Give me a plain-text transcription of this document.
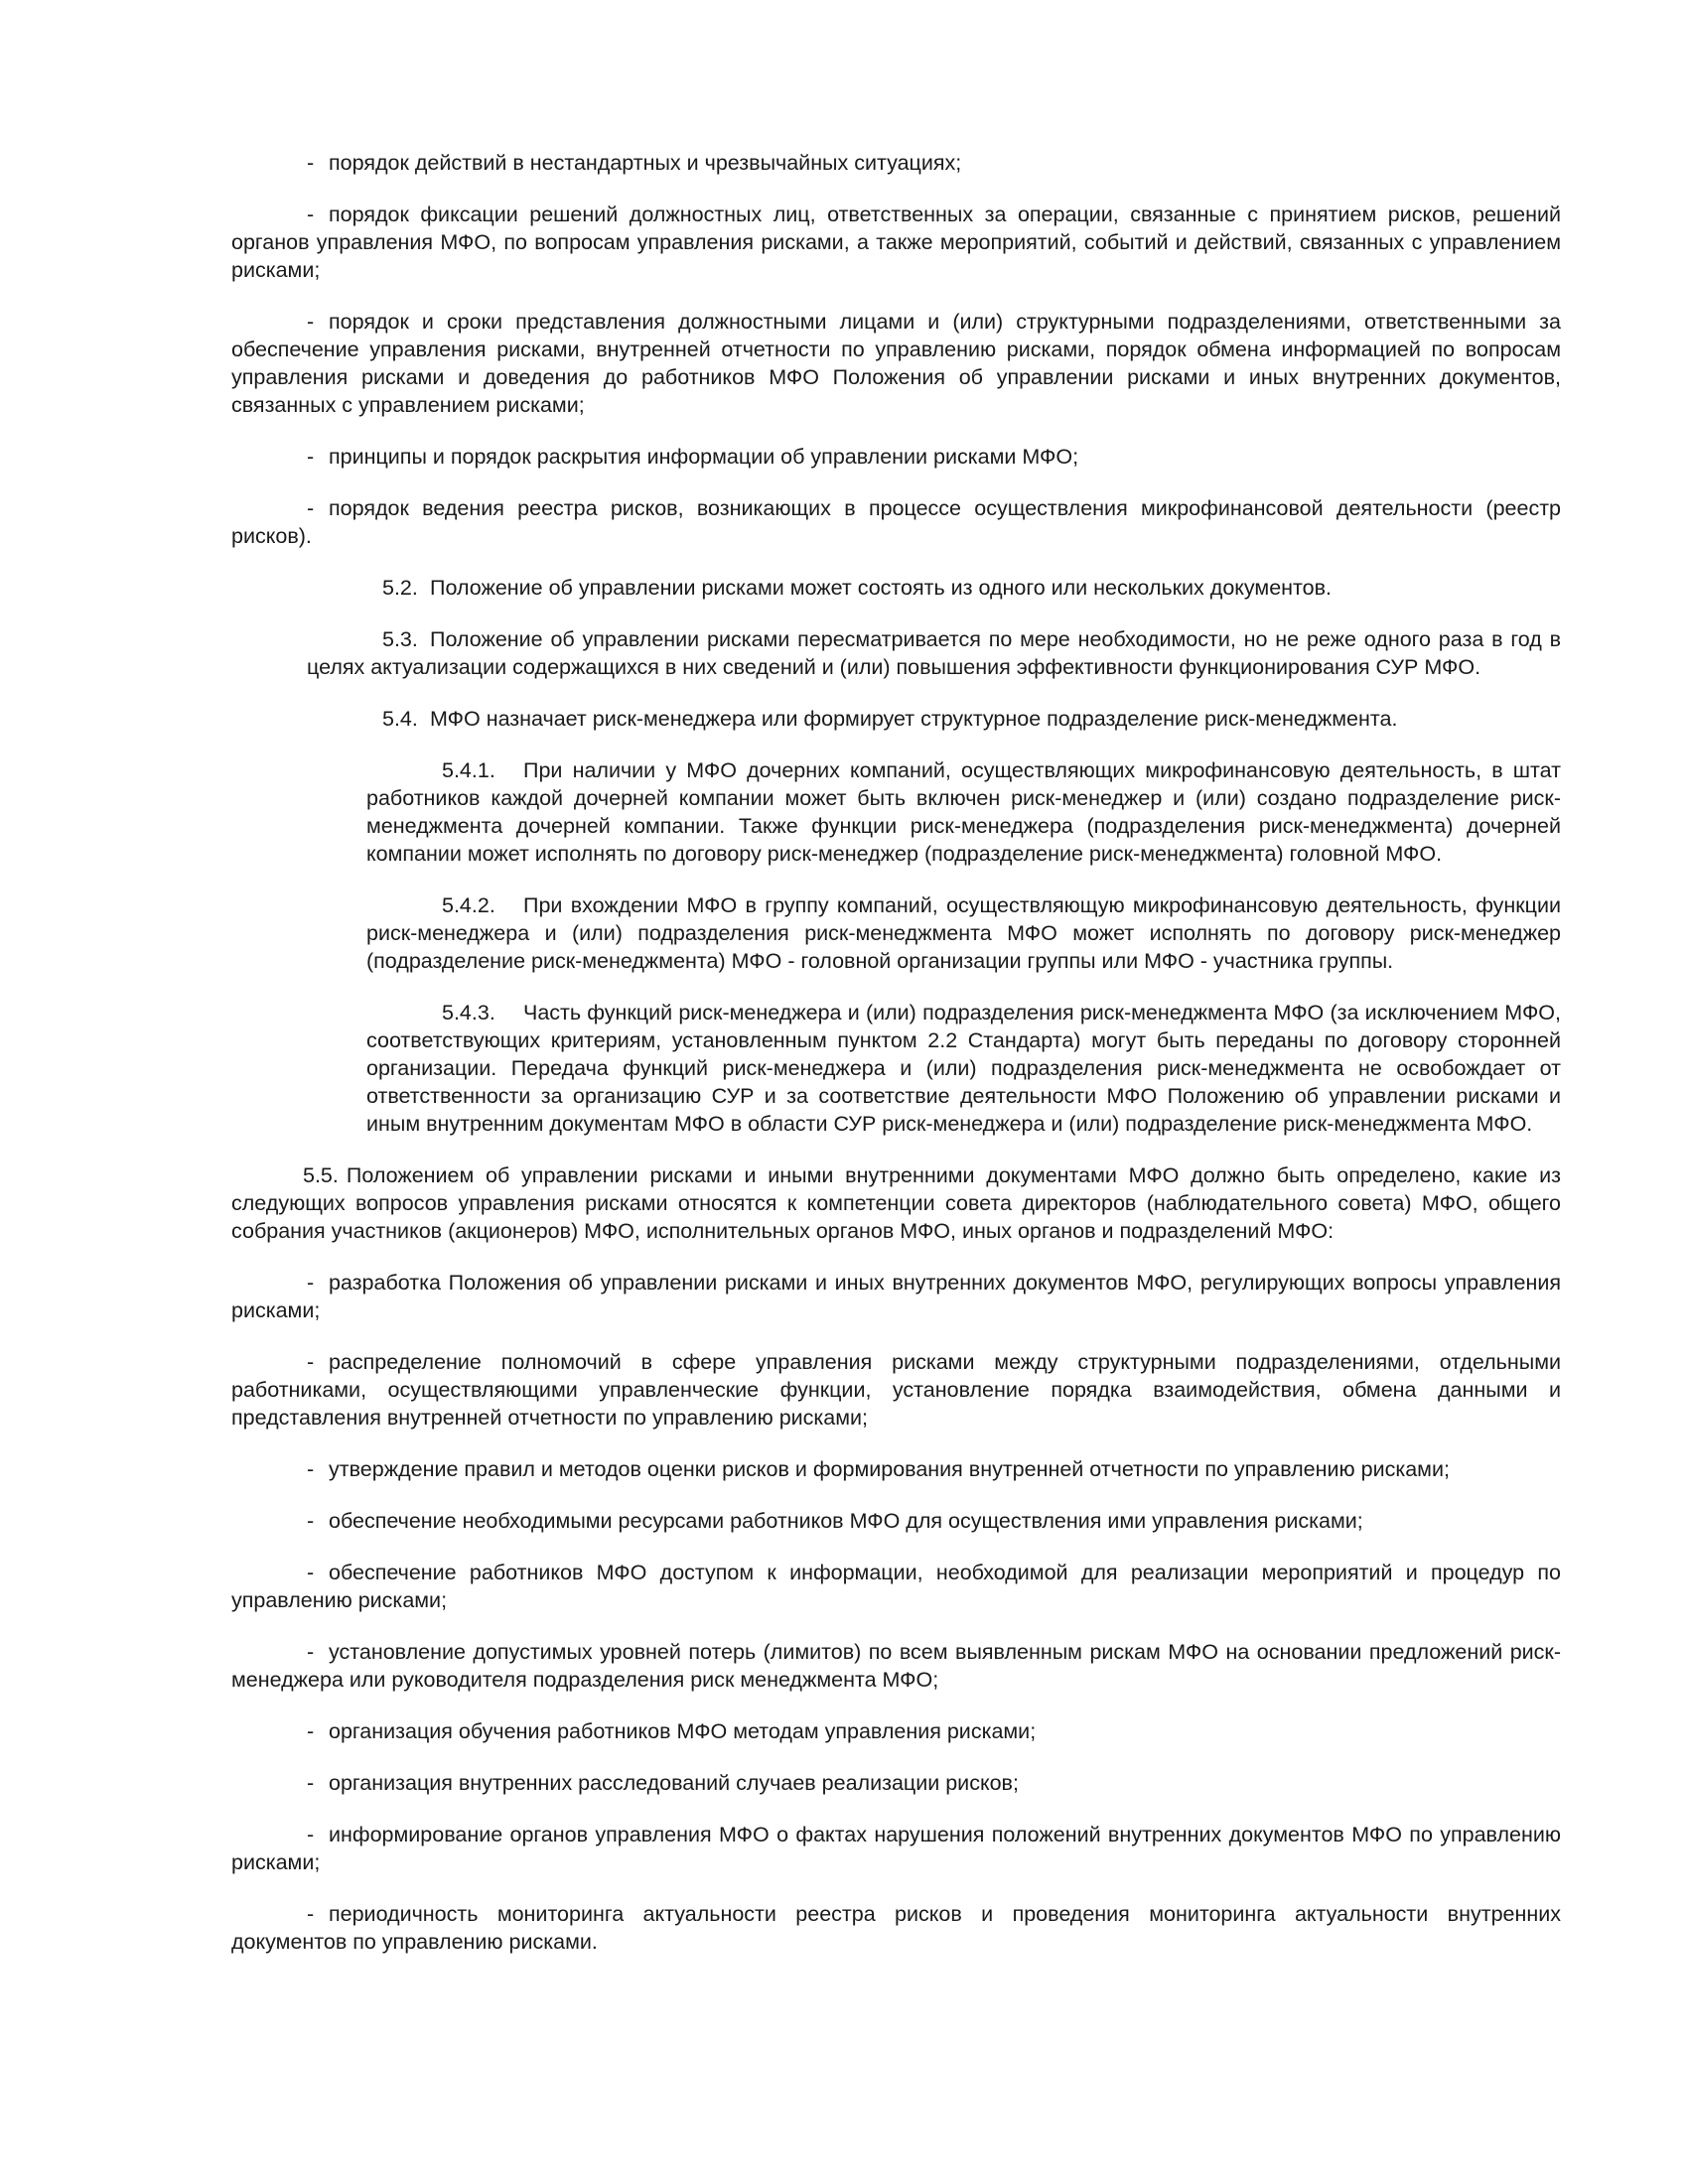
- порядок действий в нестандартных и чрезвычайных ситуациях;

- порядок фиксации решений должностных лиц, ответственных за операции, связанные с принятием рисков, решений органов управления МФО, по вопросам управления рисками, а также мероприятий, событий и действий, связанных с управлением рисками;

- порядок и сроки представления должностными лицами и (или) структурными подразделениями, ответственными за обеспечение управления рисками, внутренней отчетности по управлению рисками, порядок обмена информацией по вопросам управления рисками и доведения до работников МФО Положения об управлении рисками и иных внутренних документов, связанных с управлением рисками;

- принципы и порядок раскрытия информации об управлении рисками МФО;

- порядок ведения реестра рисков, возникающих в процессе осуществления микрофинансовой деятельности (реестр рисков).

5.2. Положение об управлении рисками может состоять из одного или нескольких документов.

5.3. Положение об управлении рисками пересматривается по мере необходимости, но не реже одного раза в год в целях актуализации содержащихся в них сведений и (или) повышения эффективности функционирования СУР МФО.

5.4. МФО назначает риск-менеджера или формирует структурное подразделение риск-менеджмента.

5.4.1. При наличии у МФО дочерних компаний, осуществляющих микрофинансовую деятельность, в штат работников каждой дочерней компании может быть включен риск-менеджер и (или) создано подразделение риск-менеджмента дочерней компании. Также функции риск-менеджера (подразделения риск-менеджмента) дочерней компании может исполнять по договору риск-менеджер (подразделение риск-менеджмента) головной МФО.

5.4.2. При вхождении МФО в группу компаний, осуществляющую микрофинансовую деятельность, функции риск-менеджера и (или) подразделения риск-менеджмента МФО может исполнять по договору риск-менеджер (подразделение риск-менеджмента) МФО - головной организации группы или МФО - участника группы.

5.4.3. Часть функций риск-менеджера и (или) подразделения риск-менеджмента МФО (за исключением МФО, соответствующих критериям, установленным пунктом 2.2 Стандарта) могут быть переданы по договору сторонней организации. Передача функций риск-менеджера и (или) подразделения риск-менеджмента не освобождает от ответственности за организацию СУР и за соответствие деятельности МФО Положению об управлении рисками и иным внутренним документам МФО в области СУР риск-менеджера и (или) подразделение риск-менеджмента МФО.

5.5. Положением об управлении рисками и иными внутренними документами МФО должно быть определено, какие из следующих вопросов управления рисками относятся к компетенции совета директоров (наблюдательного совета) МФО, общего собрания участников (акционеров) МФО, исполнительных органов МФО, иных органов и подразделений МФО:

- разработка Положения об управлении рисками и иных внутренних документов МФО, регулирующих вопросы управления рисками;

- распределение полномочий в сфере управления рисками между структурными подразделениями, отдельными работниками, осуществляющими управленческие функции, установление порядка взаимодействия, обмена данными и представления внутренней отчетности по управлению рисками;

- утверждение правил и методов оценки рисков и формирования внутренней отчетности по управлению рисками;

- обеспечение необходимыми ресурсами работников МФО для осуществления ими управления рисками;

- обеспечение работников МФО доступом к информации, необходимой для реализации мероприятий и процедур по управлению рисками;

- установление допустимых уровней потерь (лимитов) по всем выявленным рискам МФО на основании предложений риск-менеджера или руководителя подразделения риск менеджмента МФО;

- организация обучения работников МФО методам управления рисками;

- организация внутренних расследований случаев реализации рисков;

- информирование органов управления МФО о фактах нарушения положений внутренних документов МФО по управлению рисками;

- периодичность мониторинга актуальности реестра рисков и проведения мониторинга актуальности внутренних документов по управлению рисками.
